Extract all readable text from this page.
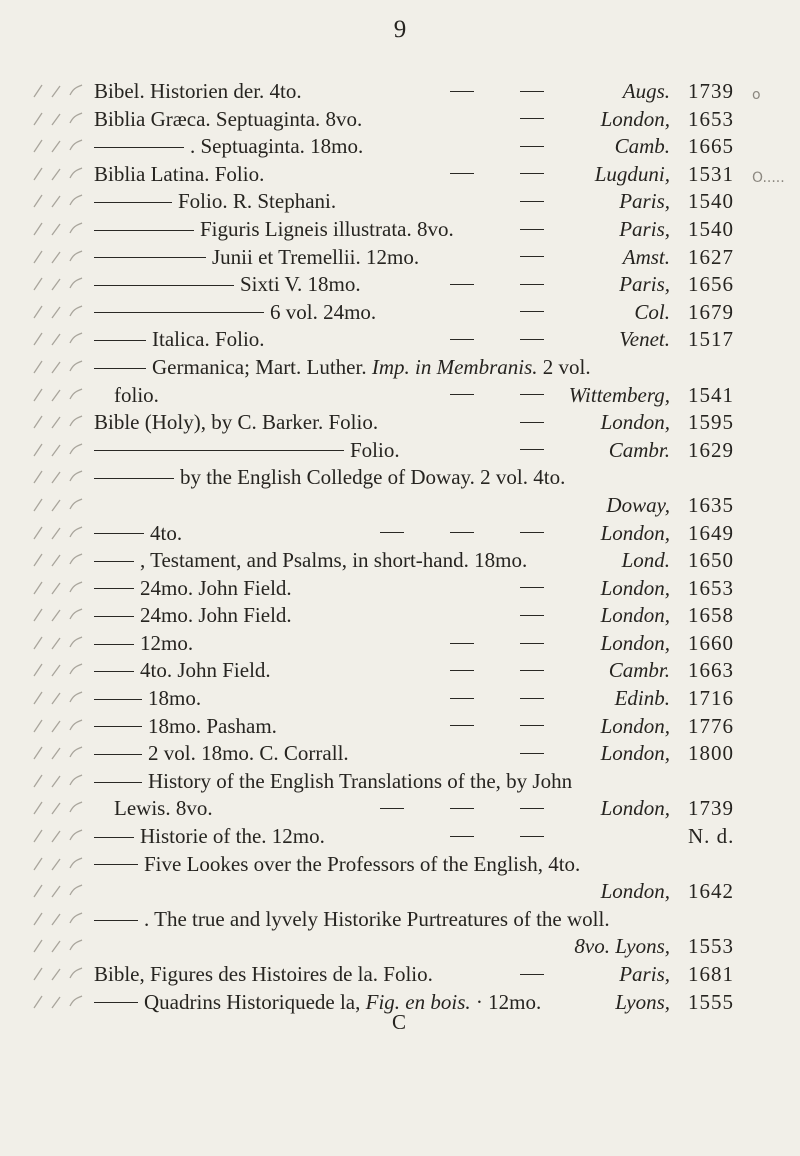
9
Bibel. Historien der. 4to.	Augs. 1739	o
Biblia Græca. Septuaginta. 8vo.	London, 1653
. Septuaginta. 18mo.	Camb. 1665
Biblia Latina. Folio.	Lugduni, 1531	O.....
Folio. R. Stephani.	Paris, 1540
Figuris Ligneis illustrata. 8vo.	Paris, 1540
Junii et Tremellii. 12mo.	Amst. 1627
Sixti V. 18mo.	Paris, 1656
6 vol. 24mo.	Col. 1679
Italica. Folio.	Venet. 1517
Germanica; Mart. Luther. Imp. in Membranis. 2 vol.
folio.	Wittemberg, 1541
Bible (Holy), by C. Barker. Folio.	London, 1595
Folio.	Cambr. 1629
by the English Colledge of Doway. 2 vol. 4to.
Doway, 1635
4to.	London, 1649
, Testament, and Psalms, in short-hand. 18mo.	Lond. 1650
24mo. John Field.	London, 1653
24mo. John Field.	London, 1658
12mo.	London, 1660
4to. John Field.	Cambr. 1663
18mo.	Edinb. 1716
18mo. Pasham.	London, 1776
2 vol. 18mo. C. Corrall.	London, 1800
History of the English Translations of the, by John
Lewis. 8vo.	London, 1739
Historie of the. 12mo.	N. d.
Five Lookes over the Professors of the English, 4to.
London, 1642
. The true and lyvely Historike Purtreatures of the woll.
8vo. Lyons, 1553
Bible, Figures des Histoires de la. Folio.	Paris, 1681
Quadrins Historiquede la, Fig. en bois. · 12mo.	Lyons, 1555
C
